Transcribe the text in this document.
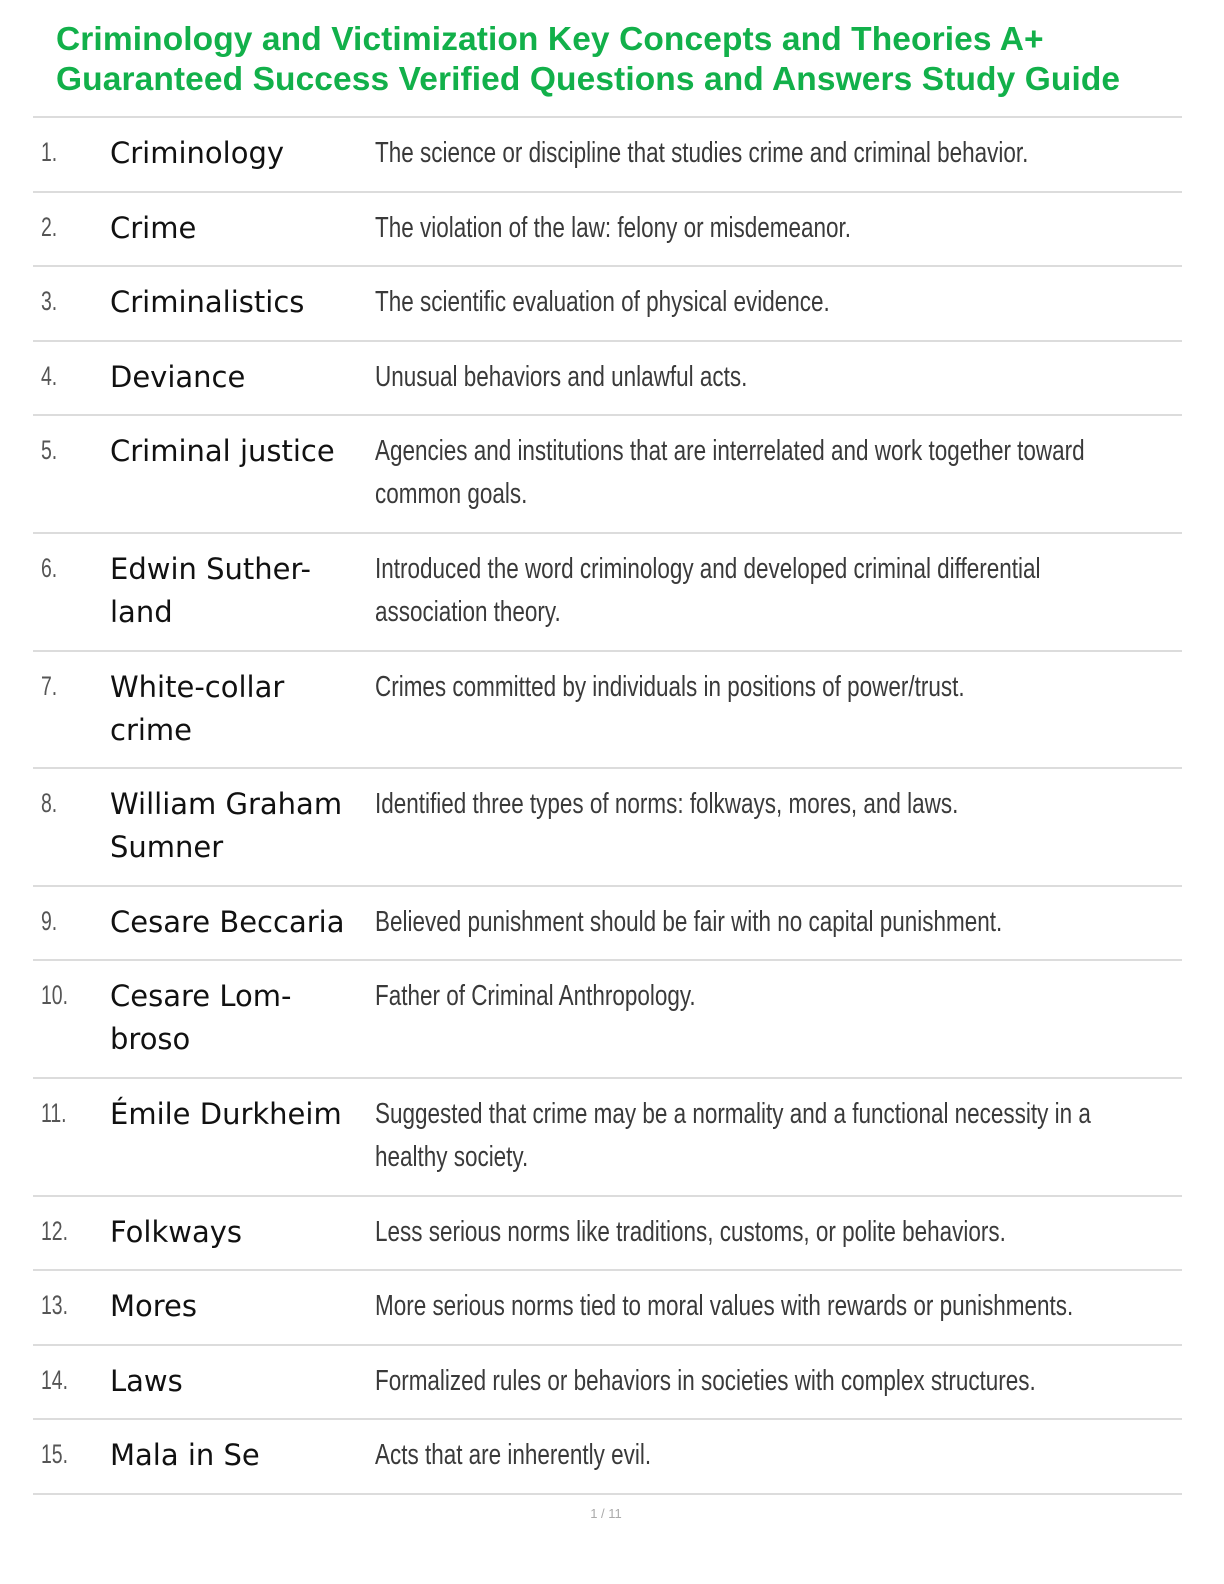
Criminology and Victimization Key Concepts and Theories A+ Guaranteed Success Verified Questions and Answers Study Guide
1. Criminology	The science or discipline that studies crime and criminal behavior.
2. Crime	The violation of the law: felony or misdemeanor.
3. Criminalistics	The scientific evaluation of physical evidence.
4. Deviance	Unusual behaviors and unlawful acts.
5. Criminal justice	Agencies and institutions that are interrelated and work together toward common goals.
6. Edwin Suther- land
Introduced the word criminology and developed criminal differential association theory.
7. White-collar crime
Crimes committed by individuals in positions of power/trust.
8. William Graham Sumner
Identified three types of norms: folkways, mores, and laws.
9. Cesare Beccaria	Believed punishment should be fair with no capital punishment.
10. Cesare Lom- broso
Father of Criminal Anthropology.
11. Émile Durkheim	Suggested that crime may be a normality and a functional necessity in a healthy society.
12. Folkways	Less serious norms like traditions, customs, or polite behaviors.
13. Mores	More serious norms tied to moral values with rewards or punishments.
14. Laws	Formalized rules or behaviors in societies with complex structures.
15. Mala in Se	Acts that are inherently evil.
1 / 11
